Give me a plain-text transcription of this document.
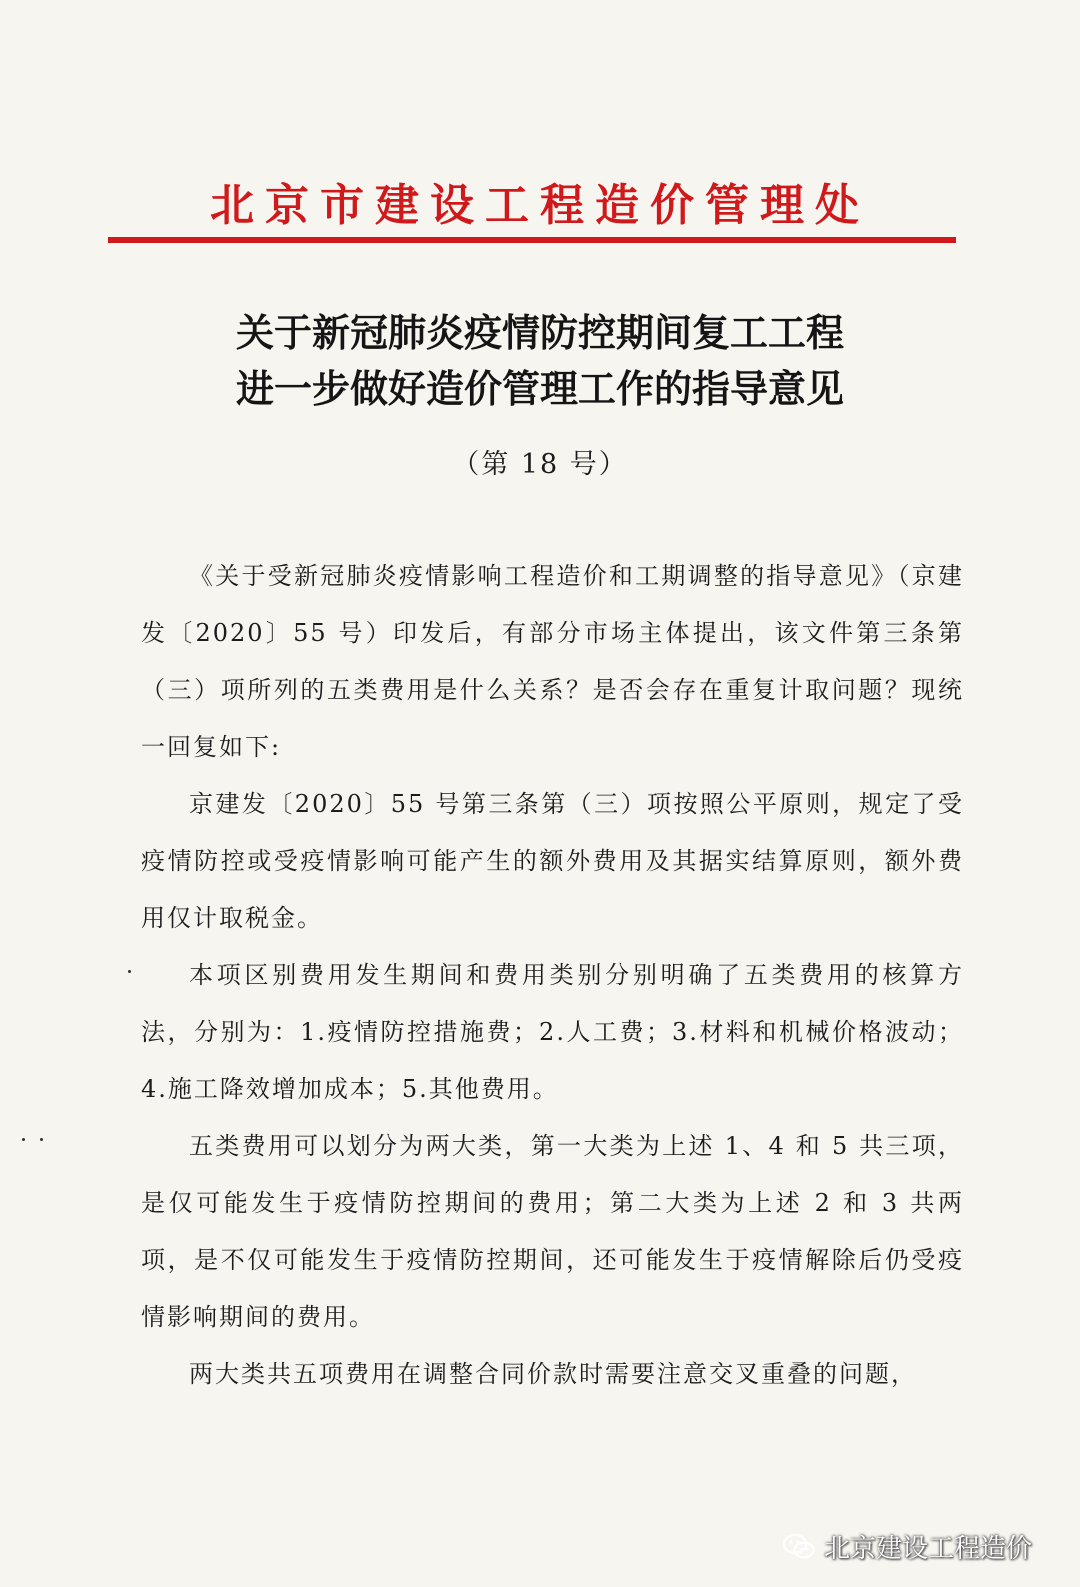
北京市建设工程造价管理处
关于新冠肺炎疫情防控期间复工工程
进一步做好造价管理工作的指导意见
（第 18 号）

《关于受新冠肺炎疫情影响工程造价和工期调整的指导意见》（京建发〔2020〕55 号）印发后，有部分市场主体提出，该文件第三条第（三）项所列的五类费用是什么关系？是否会存在重复计取问题？现统一回复如下:

京建发〔2020〕55 号第三条第（三）项按照公平原则，规定了受疫情防控或受疫情影响可能产生的额外费用及其据实结算原则，额外费用仅计取税金。

本项区别费用发生期间和费用类别分别明确了五类费用的核算方法，分别为：1.疫情防控措施费；2.人工费；3.材料和机械价格波动；4.施工降效增加成本；5.其他费用。

五类费用可以划分为两大类，第一大类为上述 1、4 和 5 共三项，是仅可能发生于疫情防控期间的费用；第二大类为上述 2 和 3 共两项，是不仅可能发生于疫情防控期间，还可能发生于疫情解除后仍受疫情影响期间的费用。

两大类共五项费用在调整合同价款时需要注意交叉重叠的问题，

北京建设工程造价
